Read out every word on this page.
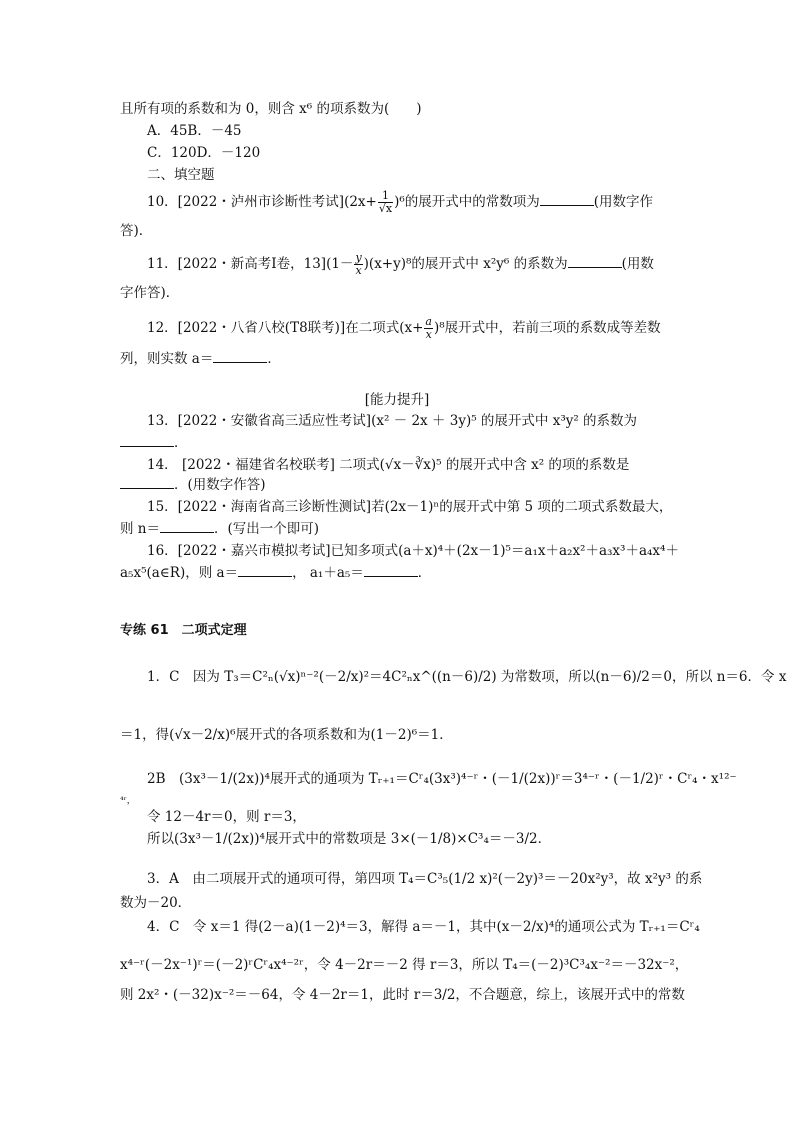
且所有项的系数和为 0，则含 x⁶ 的项系数为(　　)
A．45B．－45
C．120D．－120
二、填空题
10．[2022・泸州市诊断性考试]$(2x+ \frac{1}{√x} )^6$的展开式中的常数项为	(用数字作
答)．
11．[2022・新高考Ⅰ卷，$13](1- \frac{y}{x} )(x+y)^8$的展开式中 x²y⁶ 的系数为	(用数
字作答)．
12．[2022・八省八校(T8联考)]在二项式$(x+ \frac{a}{x} )^8$展开式中，若前三项的系数成等差数
列，则实数 a＝	．
[能力提升]
13．[2022・安徽省高三适应性考试](x² － 2x ＋ 3y)⁵ 的展开式中 x³y² 的系数为
．
14． [2022・福建省名校联考] 二项式(√x－∛x)⁵ 的展开式中含 x² 的项的系数是
．(用数字作答)
15．[2022・海南省高三诊断性测试]若(2x－1)ⁿ的展开式中第 5 项的二项式系数最大，
则 n＝	．(写出一个即可)
16．[2022・嘉兴市模拟考试]已知多项式(a＋x)⁴＋(2x－1)⁵＝a₁x＋a₂x²＋a₃x³＋a₄x⁴＋
a₅x⁵(a∈R)，则 a＝	， a₁＋a₅＝	．
专练 61　二项式定理
1．C　因为 T₃＝C²ₙ(√x)ⁿ⁻²(－2/x)²＝4C²ₙx^((n－6)/2) 为常数项，所以(n－6)/2＝0，所以 n＝6．令 x
＝1，得(√x－2/x)⁶展开式的各项系数和为(1－2)⁶＝1．
2B　(3x³－1/(2x))⁴展开式的通项为 Tᵣ₊₁＝Cʳ₄(3x³)⁴⁻ʳ・(－1/(2x))ʳ＝3⁴⁻ʳ・(－1/2)ʳ・Cʳ₄・x¹²⁻
⁴ʳ，
令 12－4r＝0，则 r＝3，
所以(3x³－1/(2x))⁴展开式中的常数项是 3×(－1/8)×C³₄＝－3/2．
3．A　由二项展开式的通项可得，第四项 T₄＝C³₅(1/2 x)²(－2y)³＝－20x²y³，故 x²y³ 的系
数为－20．
4．C　令 x＝1 得(2－a)(1－2)⁴＝3，解得 a＝－1，其中(x－2/x)⁴的通项公式为 Tᵣ₊₁＝Cʳ₄
x⁴⁻ʳ(－2x⁻¹)ʳ＝(－2)ʳCʳ₄x⁴⁻²ʳ，令 4－2r＝－2 得 r＝3，所以 T₄＝(－2)³C³₄x⁻²＝－32x⁻²，
则 2x²・(－32)x⁻²＝－64，令 4－2r＝1，此时 r＝3/2，不合题意，综上，该展开式中的常数
